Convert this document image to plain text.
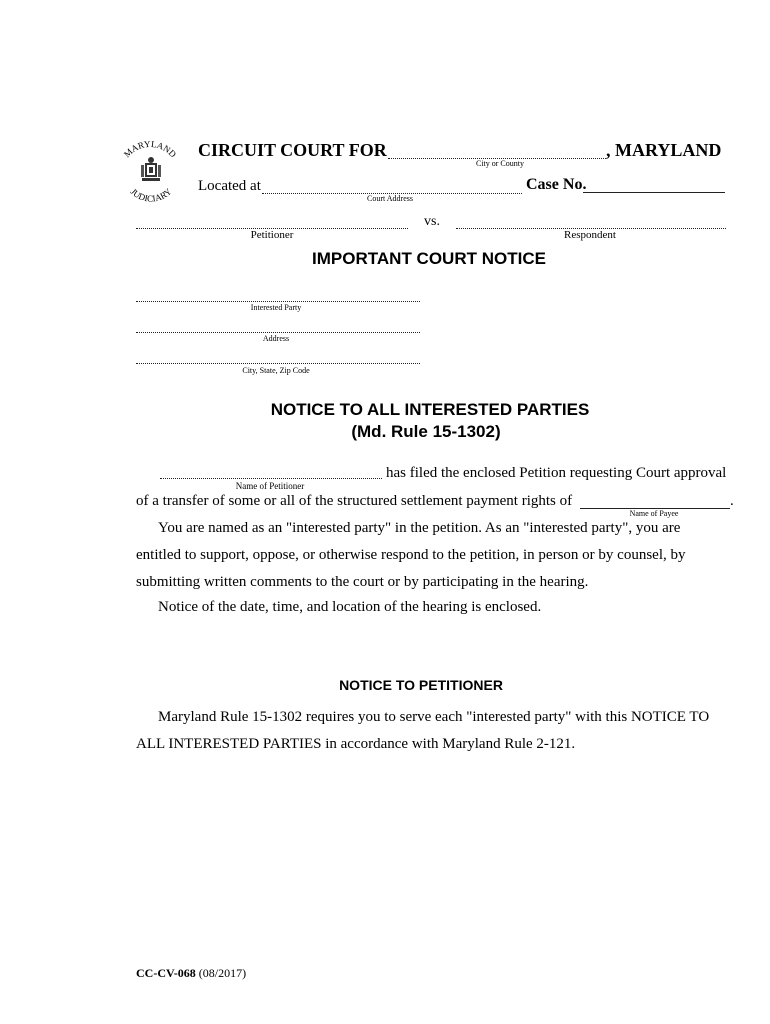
MARYLAND
JUDICIARY
CIRCUIT COURT FOR
City or County
, MARYLAND
Located at
Court Address
Case No.
vs.
Petitioner	Respondent
IMPORTANT COURT NOTICE
Interested Party
Address
City, State, Zip Code
NOTICE TO ALL INTERESTED PARTIES
(Md. Rule 15-1302)
has filed the enclosed Petition requesting Court approval
Name of Petitioner
of a transfer of some or all of the structured settlement payment rights of	.
Name of Payee
You are named as an "interested party" in the petition. As an "interested party", you are
entitled to support, oppose, or otherwise respond to the petition, in person or by counsel, by
submitting written comments to the court or by participating in the hearing.
Notice of the date, time, and location of the hearing is enclosed.
NOTICE TO PETITIONER
Maryland Rule 15-1302 requires you to serve each "interested party" with this NOTICE TO
ALL INTERESTED PARTIES in accordance with Maryland Rule 2-121.
CC-CV-068 (08/2017)
